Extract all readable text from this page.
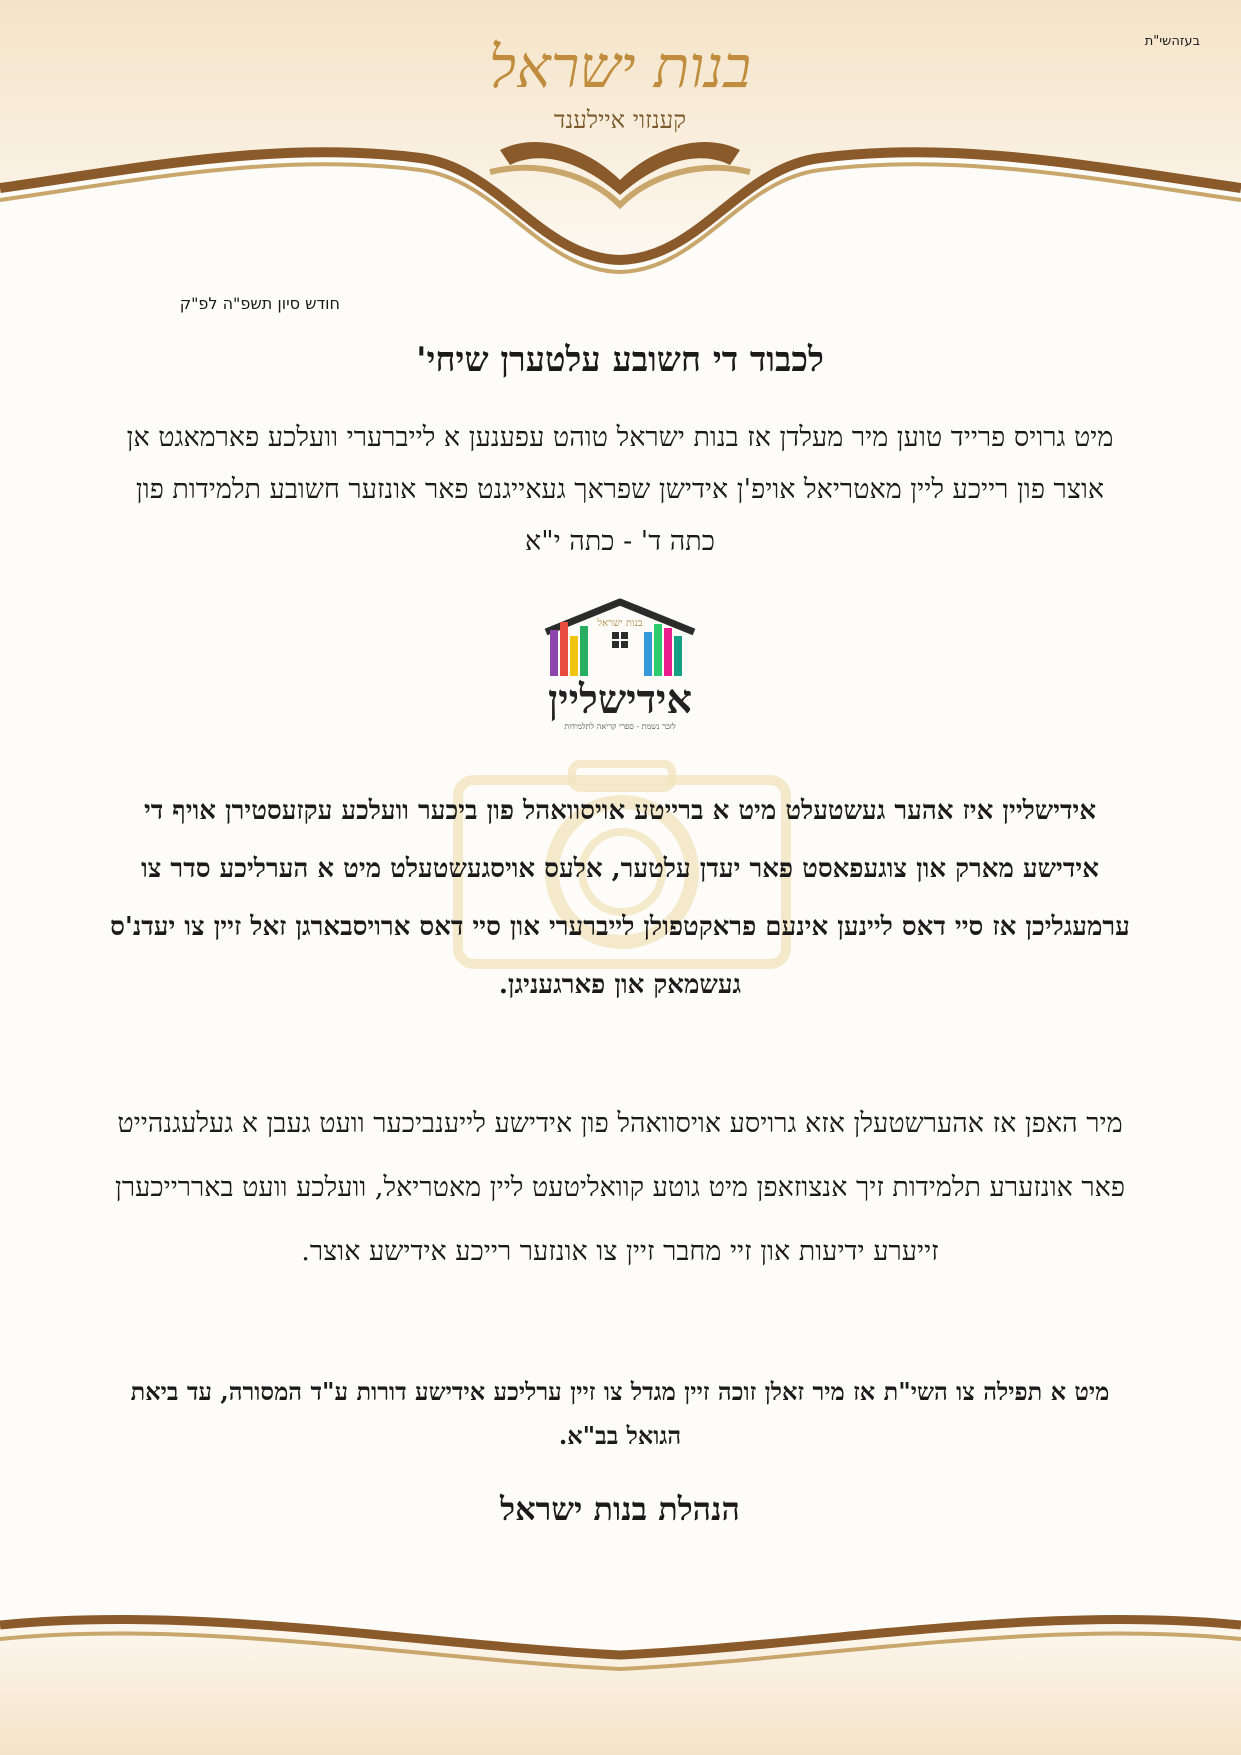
בעזהשי"ת
בנות ישראל
קענזוי איילענד
חודש סיון תשפ"ה לפ"ק
לכבוד די חשובע עלטערן שיחי'
מיט גרויס פרייד טוען מיר מעלדן אז בנות ישראל טוהט עפענען א לייברערי וועלכע פארמאגט אן אוצר פון רייכע ליין מאטריאל אויפ'ן אידישן שפראך געאייגנט פאר אונזער חשובע תלמידות פון כתה ד' - כתה י"א
בנות ישראל
אידישליין
לזכר נשמת - ספרי קריאה לתלמידות
אידישליין איז אהער געשטעלט מיט א ברייטע אויסוואהל פון ביכער וועלכע עקזעסטירן אויף די אידישע מארק און צוגעפאסט פאר יעדן עלטער, אלעס אויסגעשטעלט מיט א הערליכע סדר צו ערמעגליכן אז סיי דאס ליינען אינעם פראקטפולן לייברערי און סיי דאס ארויסבארגן זאל זיין צו יעדנ'ס געשמאק און פארגעניגן.
מיר האפן אז אהערשטעלן אזא גרויסע אויסוואהל פון אידישע לייענביכער וועט געבן א געלעגנהייט פאר אונזערע תלמידות זיך אנצוזאפן מיט גוטע קוואליטעט ליין מאטריאל, וועלכע וועט באררייכערן זייערע ידיעות און זיי מחבר זיין צו אונזער רייכע אידישע אוצר.
מיט א תפילה צו השי"ת אז מיר זאלן זוכה זיין מגדל צו זיין ערליכע אידישע דורות ע"ד המסורה, עד ביאת הגואל בב"א.
הנהלת בנות ישראל
